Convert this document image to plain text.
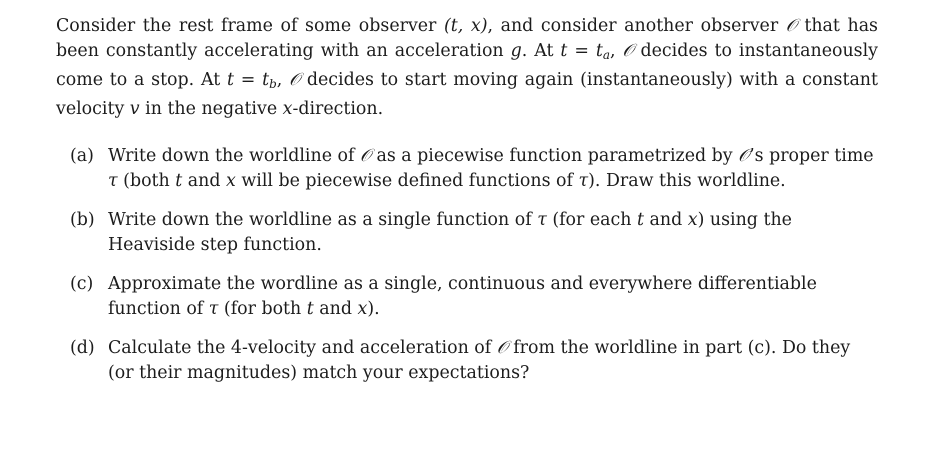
Consider the rest frame of some observer (t, x), and consider another observer 𝒪 that has been constantly accelerating with an acceleration g. At t = ta, 𝒪 decides to instantaneously come to a stop. At t = tb, 𝒪 decides to start moving again (instantaneously) with a constant velocity v in the negative x-direction.

(a) Write down the worldline of 𝒪 as a piecewise function parametrized by 𝒪’s proper time τ (both t and x will be piecewise defined functions of τ). Draw this worldline.

(b) Write down the worldline as a single function of τ (for each t and x) using the Heaviside step function.

(c) Approximate the wordline as a single, continuous and everywhere differentiable function of τ (for both t and x).

(d) Calculate the 4-velocity and acceleration of 𝒪 from the worldline in part (c). Do they (or their magnitudes) match your expectations?
